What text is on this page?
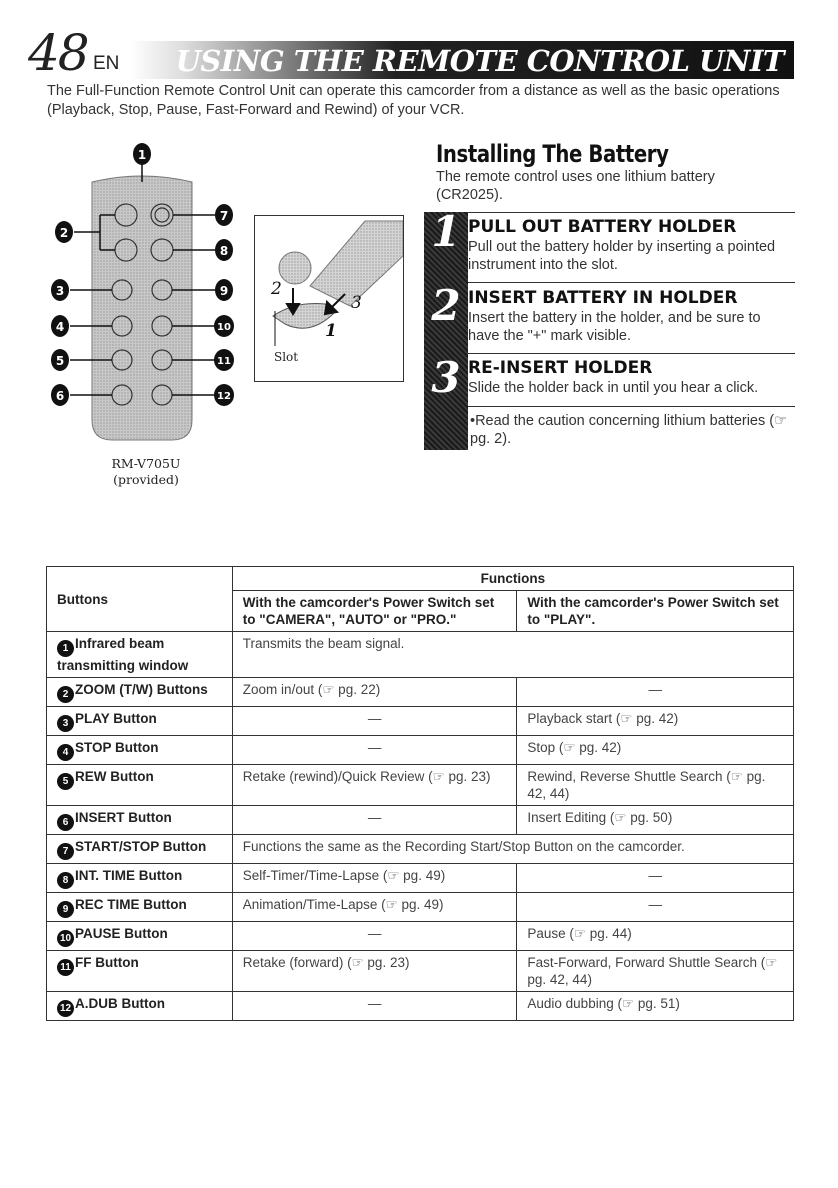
48 EN USING THE REMOTE CONTROL UNIT
The Full-Function Remote Control Unit can operate this camcorder from a distance as well as the basic operations (Playback, Stop, Pause, Fast-Forward and Rewind) of your VCR.
1
2
7
8
3	9
4	10
5	11
6	12
RM-V705U
(provided)
2
3
1
Slot
Installing The Battery
The remote control uses one lithium battery (CR2025).
1 PULL OUT BATTERY HOLDER
Pull out the battery holder by inserting a pointed instrument into the slot.
2 INSERT BATTERY IN HOLDER
Insert the battery in the holder, and be sure to have the "+" mark visible.
3 RE-INSERT HOLDER
Slide the holder back in until you hear a click.
•Read the caution concerning lithium batteries (☞ pg. 2).
Buttons	Functions	
	With the camcorder's Power Switch set to "CAMERA", "AUTO" or "PRO."	With the camcorder's Power Switch set to "PLAY".
1 Infrared beam transmitting window	Transmits the beam signal.	
2 ZOOM (T/W) Buttons	Zoom in/out (☞ pg. 22)	—
3 PLAY Button	—	Playback start (☞ pg. 42)
4 STOP Button	—	Stop (☞ pg. 42)
5 REW Button	Retake (rewind)/Quick Review (☞ pg. 23)	Rewind, Reverse Shuttle Search (☞ pg. 42, 44)
6 INSERT Button	—	Insert Editing (☞ pg. 50)
7 START/STOP Button	Functions the same as the Recording Start/Stop Button on the camcorder.	
8 INT. TIME Button	Self-Timer/Time-Lapse (☞ pg. 49)	—
9 REC TIME Button	Animation/Time-Lapse (☞ pg. 49)	—
10 PAUSE Button	—	Pause (☞ pg. 44)
11 FF Button	Retake (forward) (☞ pg. 23)	Fast-Forward, Forward Shuttle Search (☞ pg. 42, 44)
12 A.DUB Button	—	Audio dubbing (☞ pg. 51)
